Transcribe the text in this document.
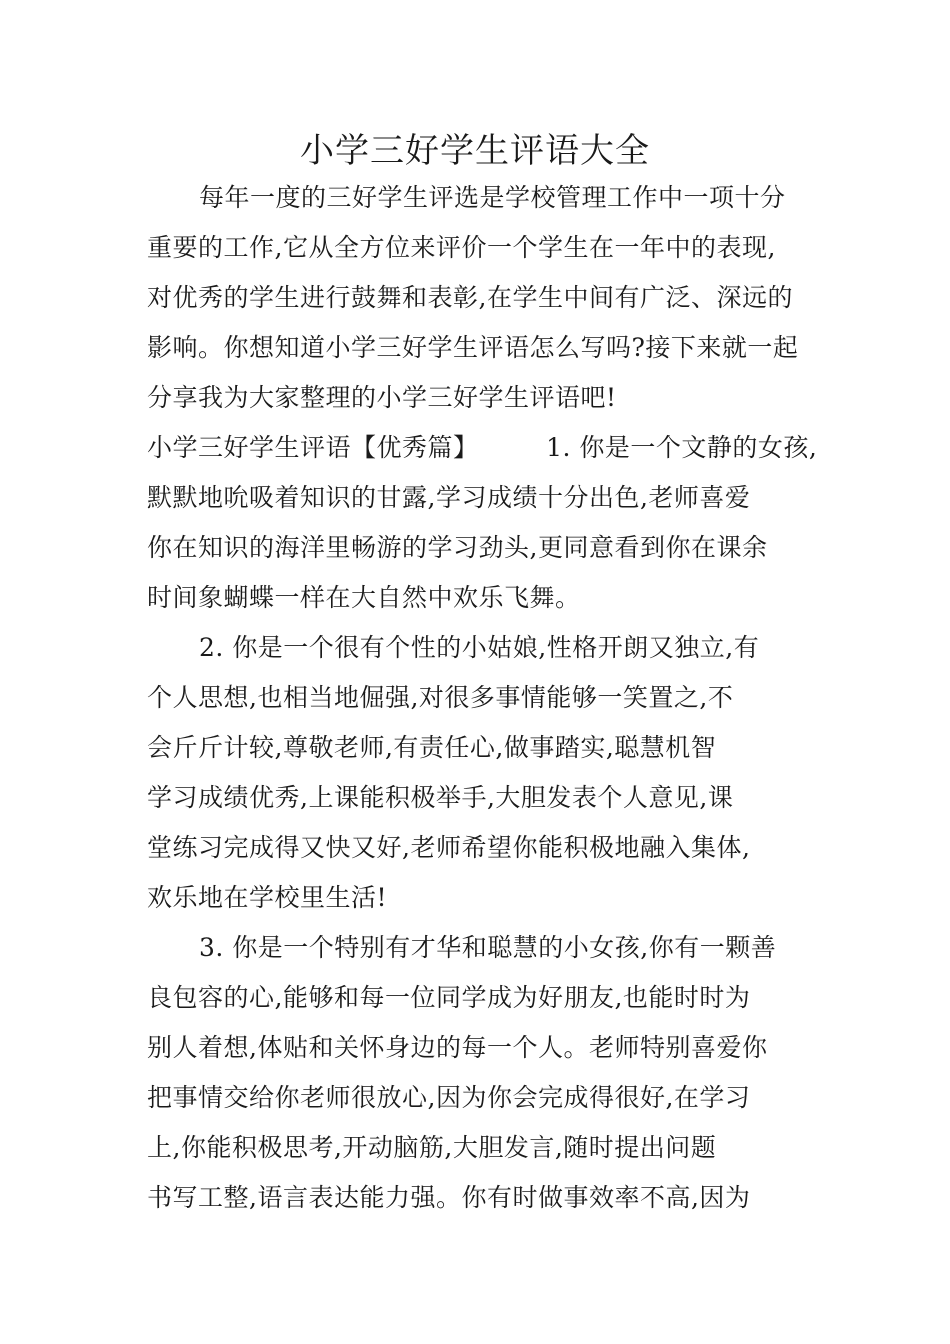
小学三好学生评语大全
每年一度的三好学生评选是学校管理工作中一项十分
重要的工作,它从全方位来评价一个学生在一年中的表现,
对优秀的学生进行鼓舞和表彰,在学生中间有广泛、深远的
影响。你想知道小学三好学生评语怎么写吗?接下来就一起
分享我为大家整理的小学三好学生评语吧!
小学三好学生评语【优秀篇】        1. 你是一个文静的女孩,
默默地吮吸着知识的甘露,学习成绩十分出色,老师喜爱
你在知识的海洋里畅游的学习劲头,更同意看到你在课余
时间象蝴蝶一样在大自然中欢乐飞舞。
2. 你是一个很有个性的小姑娘,性格开朗又独立,有
个人思想,也相当地倔强,对很多事情能够一笑置之,不
会斤斤计较,尊敬老师,有责任心,做事踏实,聪慧机智
学习成绩优秀,上课能积极举手,大胆发表个人意见,课
堂练习完成得又快又好,老师希望你能积极地融入集体,
欢乐地在学校里生活!
3. 你是一个特别有才华和聪慧的小女孩,你有一颗善
良包容的心,能够和每一位同学成为好朋友,也能时时为
别人着想,体贴和关怀身边的每一个人。老师特别喜爱你
把事情交给你老师很放心,因为你会完成得很好,在学习
上,你能积极思考,开动脑筋,大胆发言,随时提出问题
书写工整,语言表达能力强。你有时做事效率不高,因为
